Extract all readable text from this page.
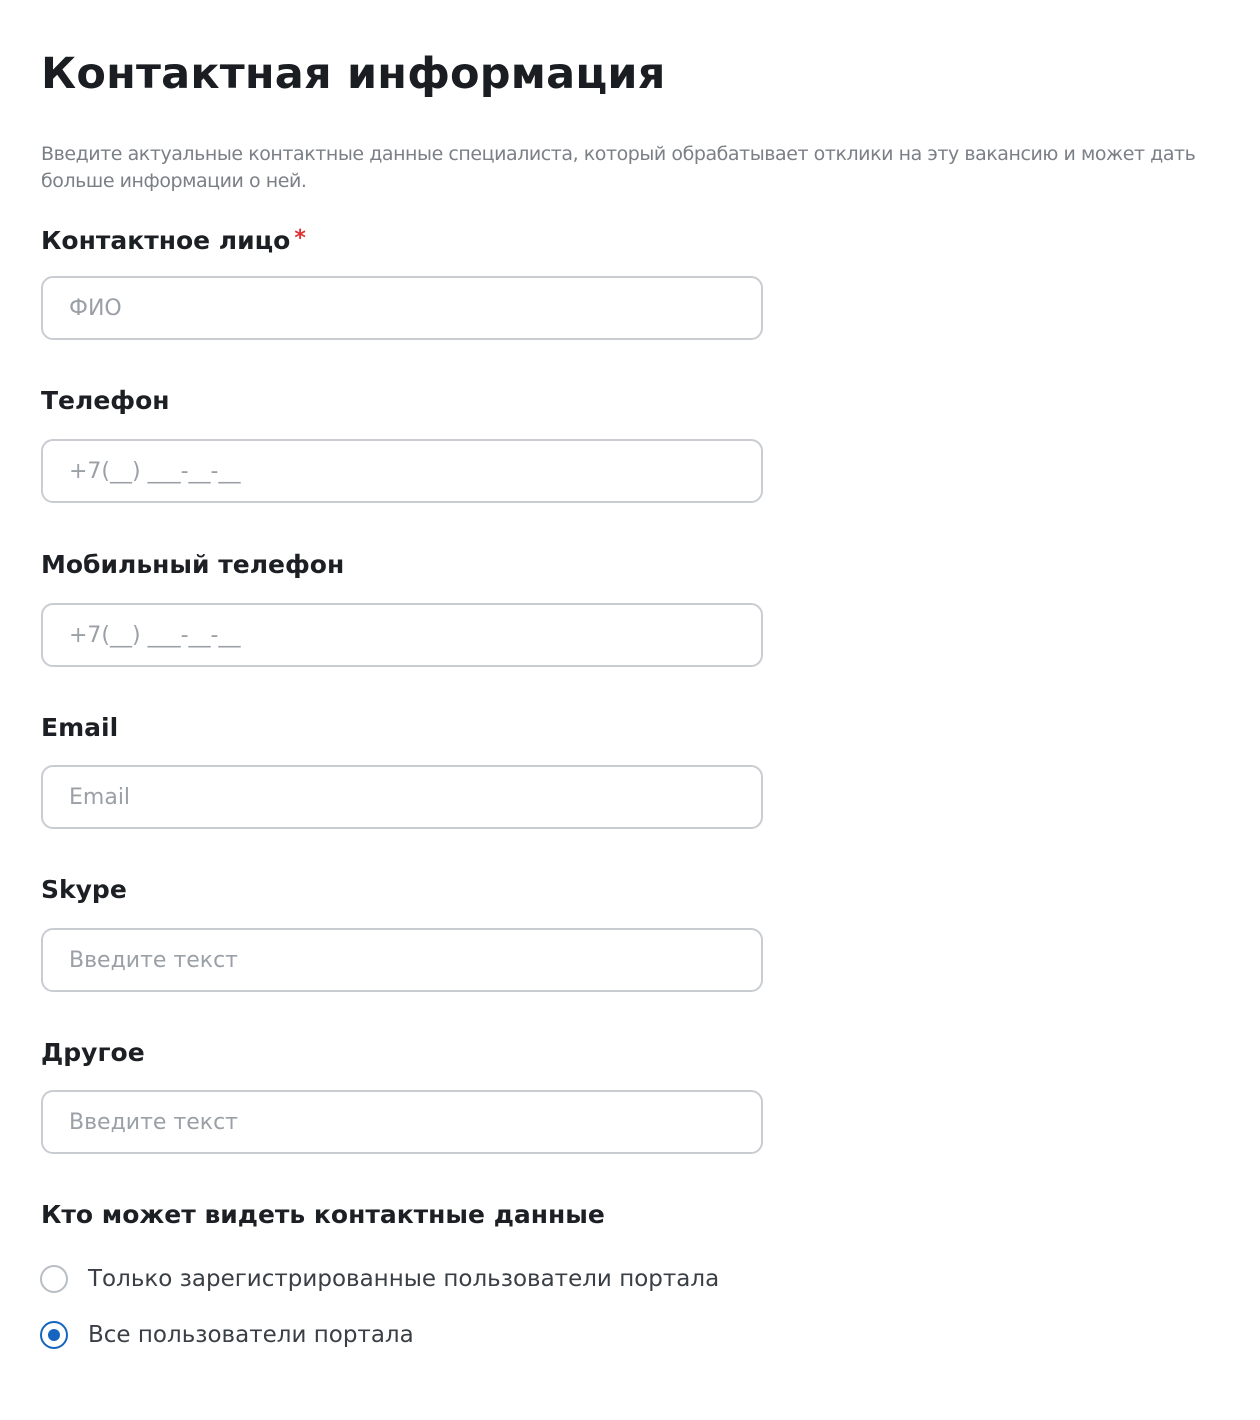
Контактная информация

Введите актуальные контактные данные специалиста, который обрабатывает отклики на эту вакансию и может дать больше информации о ней.

Контактное лицо *
ФИО
Телефон
+7(__) ___-__-__
Мобильный телефон
+7(__) ___-__-__
Email
Email
Skype
Введите текст
Другое
Введите текст
Кто может видеть контактные данные
Только зарегистрированные пользователи портала
Все пользователи портала
